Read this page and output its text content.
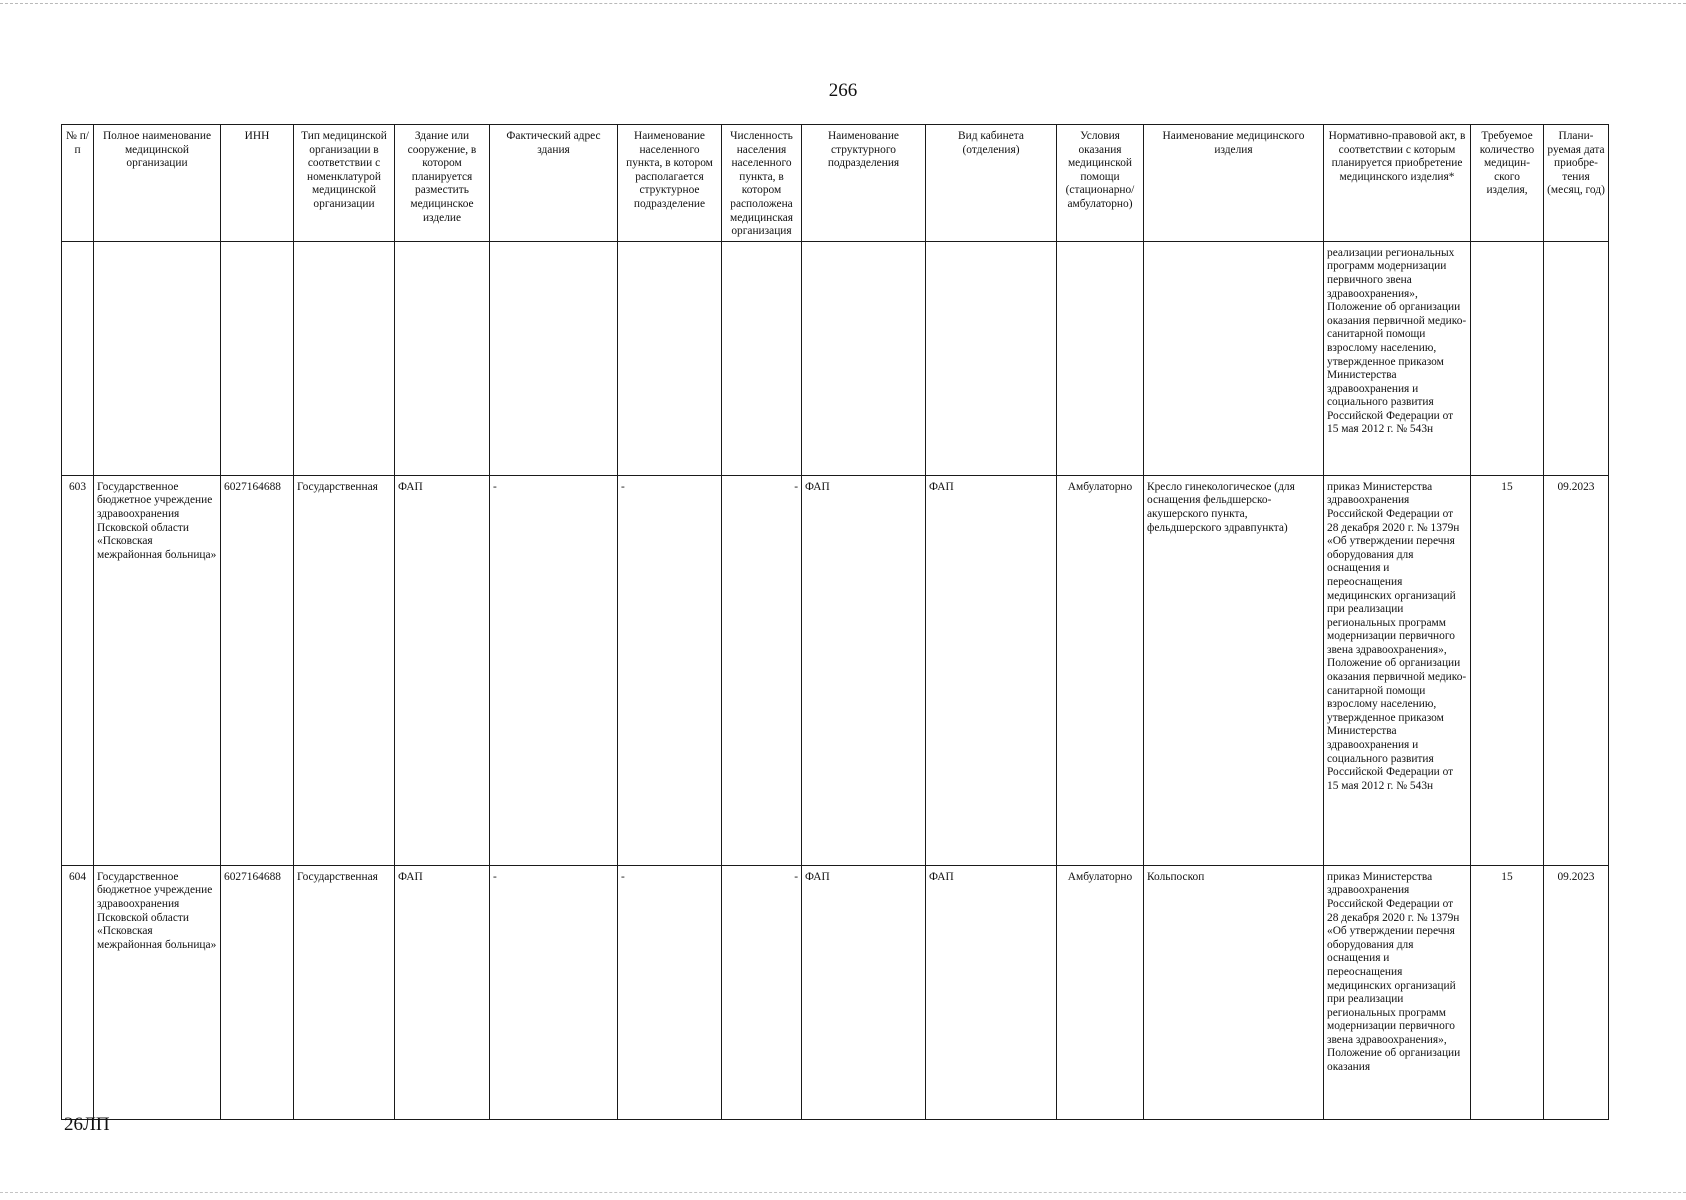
266
№ п/п	Полное наименование медицинской организации	ИНН	Тип медицинской организации в соответствии с номенклатурой медицинской организации	Здание или сооружение, в котором планируется разместить медицинское изделие	Фактический адрес здания	Наименование населенного пункта, в котором располагается структурное подразделение	Численность населения населенного пункта, в котором расположена медицинская организация	Наименование структурного подразделения	Вид кабинета (отделения)	Условия оказания медицинской помощи (стационарно/ амбулаторно)	Наименование медицинского изделия	Нормативно-правовой акт, в соответствии с которым планируется приобретение медицинского изделия*	Требуемое количество медицин-ского изделия,	Плани-руемая дата приобре-тения (месяц, год)
												реализации региональных программ модернизации первичного звена здравоохранения», Положение об организации оказания первичной медико-санитарной помощи взрослому населению, утвержденное приказом Министерства здравоохранения и социального развития Российской Федерации от 15 мая 2012 г. № 543н		
603	Государственное бюджетное учреждение здравоохранения Псковской области «Псковская межрайонная больница»	6027164688	Государственная	ФАП	-	-	-	ФАП	ФАП	Амбулаторно	Кресло гинекологическое (для оснащения фельдшерско-акушерского пункта, фельдшерского здравпункта)	приказ Министерства здравоохранения Российской Федерации от 28 декабря 2020 г. № 1379н «Об утверждении перечня оборудования для оснащения и переоснащения медицинских организаций при реализации региональных программ модернизации первичного звена здравоохранения», Положение об организации оказания первичной медико-санитарной помощи взрослому населению, утвержденное приказом Министерства здравоохранения и социального развития Российской Федерации от 15 мая 2012 г. № 543н	15	09.2023
604	Государственное бюджетное учреждение здравоохранения Псковской области «Псковская межрайонная больница»	6027164688	Государственная	ФАП	-	-	-	ФАП	ФАП	Амбулаторно	Кольпоскоп	приказ Министерства здравоохранения Российской Федерации от 28 декабря 2020 г. № 1379н «Об утверждении перечня оборудования для оснащения и переоснащения медицинских организаций при реализации региональных программ модернизации первичного звена здравоохранения», Положение об организации оказания	15	09.2023
26ЛП
